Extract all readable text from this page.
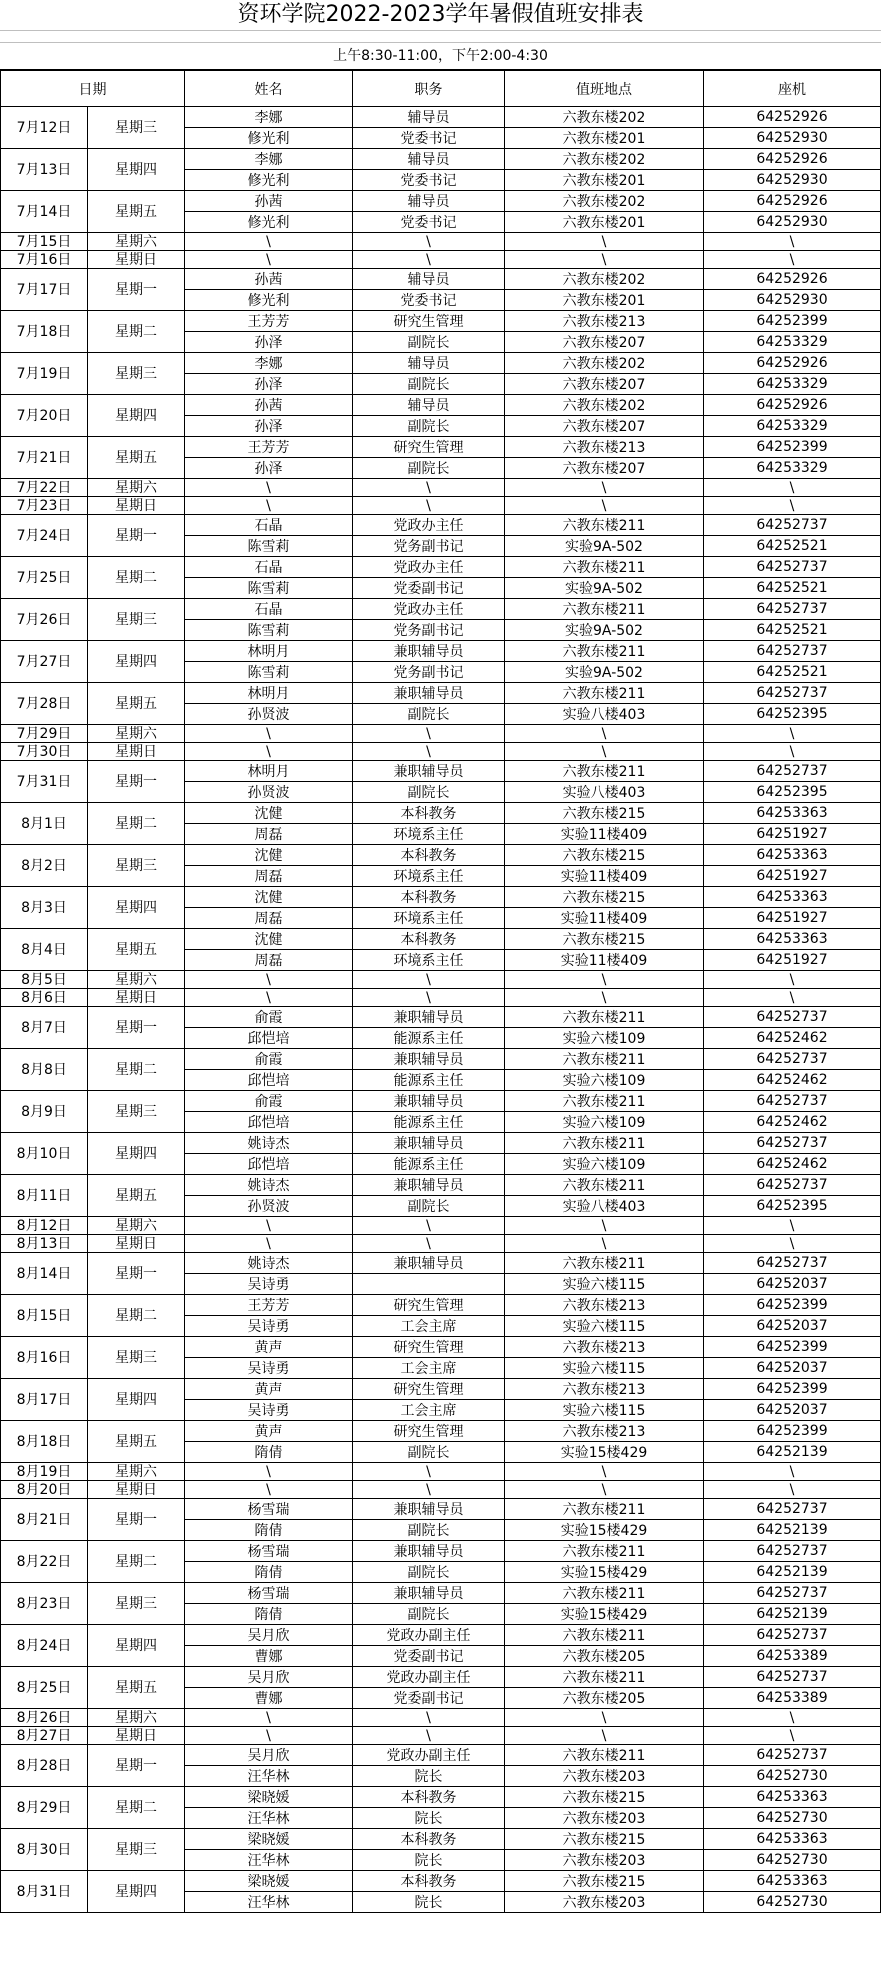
资环学院2022-2023学年暑假值班安排表
上午8:30-11:00，下午2:00-4:30
日期		姓名	职务	值班地点	座机
7月12日	星期三	李娜	辅导员	六教东楼202	64252926
		修光利	党委书记	六教东楼201	64252930
7月13日	星期四	李娜	辅导员	六教东楼202	64252926
		修光利	党委书记	六教东楼201	64252930
7月14日	星期五	孙茜	辅导员	六教东楼202	64252926
		修光利	党委书记	六教东楼201	64252930
7月15日	星期六	\	\	\	\
7月16日	星期日	\	\	\	\
7月17日	星期一	孙茜	辅导员	六教东楼202	64252926
		修光利	党委书记	六教东楼201	64252930
7月18日	星期二	王芳芳	研究生管理	六教东楼213	64252399
		孙泽	副院长	六教东楼207	64253329
7月19日	星期三	李娜	辅导员	六教东楼202	64252926
		孙泽	副院长	六教东楼207	64253329
7月20日	星期四	孙茜	辅导员	六教东楼202	64252926
		孙泽	副院长	六教东楼207	64253329
7月21日	星期五	王芳芳	研究生管理	六教东楼213	64252399
		孙泽	副院长	六教东楼207	64253329
7月22日	星期六	\	\	\	\
7月23日	星期日	\	\	\	\
7月24日	星期一	石晶	党政办主任	六教东楼211	64252737
		陈雪莉	党务副书记	实验9A-502	64252521
7月25日	星期二	石晶	党政办主任	六教东楼211	64252737
		陈雪莉	党委副书记	实验9A-502	64252521
7月26日	星期三	石晶	党政办主任	六教东楼211	64252737
		陈雪莉	党务副书记	实验9A-502	64252521
7月27日	星期四	林明月	兼职辅导员	六教东楼211	64252737
		陈雪莉	党务副书记	实验9A-502	64252521
7月28日	星期五	林明月	兼职辅导员	六教东楼211	64252737
		孙贤波	副院长	实验八楼403	64252395
7月29日	星期六	\	\	\	\
7月30日	星期日	\	\	\	\
7月31日	星期一	林明月	兼职辅导员	六教东楼211	64252737
		孙贤波	副院长	实验八楼403	64252395
8月1日	星期二	沈健	本科教务	六教东楼215	64253363
		周磊	环境系主任	实验11楼409	64251927
8月2日	星期三	沈健	本科教务	六教东楼215	64253363
		周磊	环境系主任	实验11楼409	64251927
8月3日	星期四	沈健	本科教务	六教东楼215	64253363
		周磊	环境系主任	实验11楼409	64251927
8月4日	星期五	沈健	本科教务	六教东楼215	64253363
		周磊	环境系主任	实验11楼409	64251927
8月5日	星期六	\	\	\	\
8月6日	星期日	\	\	\	\
8月7日	星期一	俞霞	兼职辅导员	六教东楼211	64252737
		邱恺培	能源系主任	实验六楼109	64252462
8月8日	星期二	俞霞	兼职辅导员	六教东楼211	64252737
		邱恺培	能源系主任	实验六楼109	64252462
8月9日	星期三	俞霞	兼职辅导员	六教东楼211	64252737
		邱恺培	能源系主任	实验六楼109	64252462
8月10日	星期四	姚诗杰	兼职辅导员	六教东楼211	64252737
		邱恺培	能源系主任	实验六楼109	64252462
8月11日	星期五	姚诗杰	兼职辅导员	六教东楼211	64252737
		孙贤波	副院长	实验八楼403	64252395
8月12日	星期六	\	\	\	\
8月13日	星期日	\	\	\	\
8月14日	星期一	姚诗杰	兼职辅导员	六教东楼211	64252737
		吴诗勇		实验六楼115	64252037
8月15日	星期二	王芳芳	研究生管理	六教东楼213	64252399
		吴诗勇	工会主席	实验六楼115	64252037
8月16日	星期三	黄声	研究生管理	六教东楼213	64252399
		吴诗勇	工会主席	实验六楼115	64252037
8月17日	星期四	黄声	研究生管理	六教东楼213	64252399
		吴诗勇	工会主席	实验六楼115	64252037
8月18日	星期五	黄声	研究生管理	六教东楼213	64252399
		隋倩	副院长	实验15楼429	64252139
8月19日	星期六	\	\	\	\
8月20日	星期日	\	\	\	\
8月21日	星期一	杨雪瑞	兼职辅导员	六教东楼211	64252737
		隋倩	副院长	实验15楼429	64252139
8月22日	星期二	杨雪瑞	兼职辅导员	六教东楼211	64252737
		隋倩	副院长	实验15楼429	64252139
8月23日	星期三	杨雪瑞	兼职辅导员	六教东楼211	64252737
		隋倩	副院长	实验15楼429	64252139
8月24日	星期四	吴月欣	党政办副主任	六教东楼211	64252737
		曹娜	党委副书记	六教东楼205	64253389
8月25日	星期五	吴月欣	党政办副主任	六教东楼211	64252737
		曹娜	党委副书记	六教东楼205	64253389
8月26日	星期六	\	\	\	\
8月27日	星期日	\	\	\	\
8月28日	星期一	吴月欣	党政办副主任	六教东楼211	64252737
		汪华林	院长	六教东楼203	64252730
8月29日	星期二	梁晓媛	本科教务	六教东楼215	64253363
		汪华林	院长	六教东楼203	64252730
8月30日	星期三	梁晓媛	本科教务	六教东楼215	64253363
		汪华林	院长	六教东楼203	64252730
8月31日	星期四	梁晓媛	本科教务	六教东楼215	64253363
		汪华林	院长	六教东楼203	64252730
